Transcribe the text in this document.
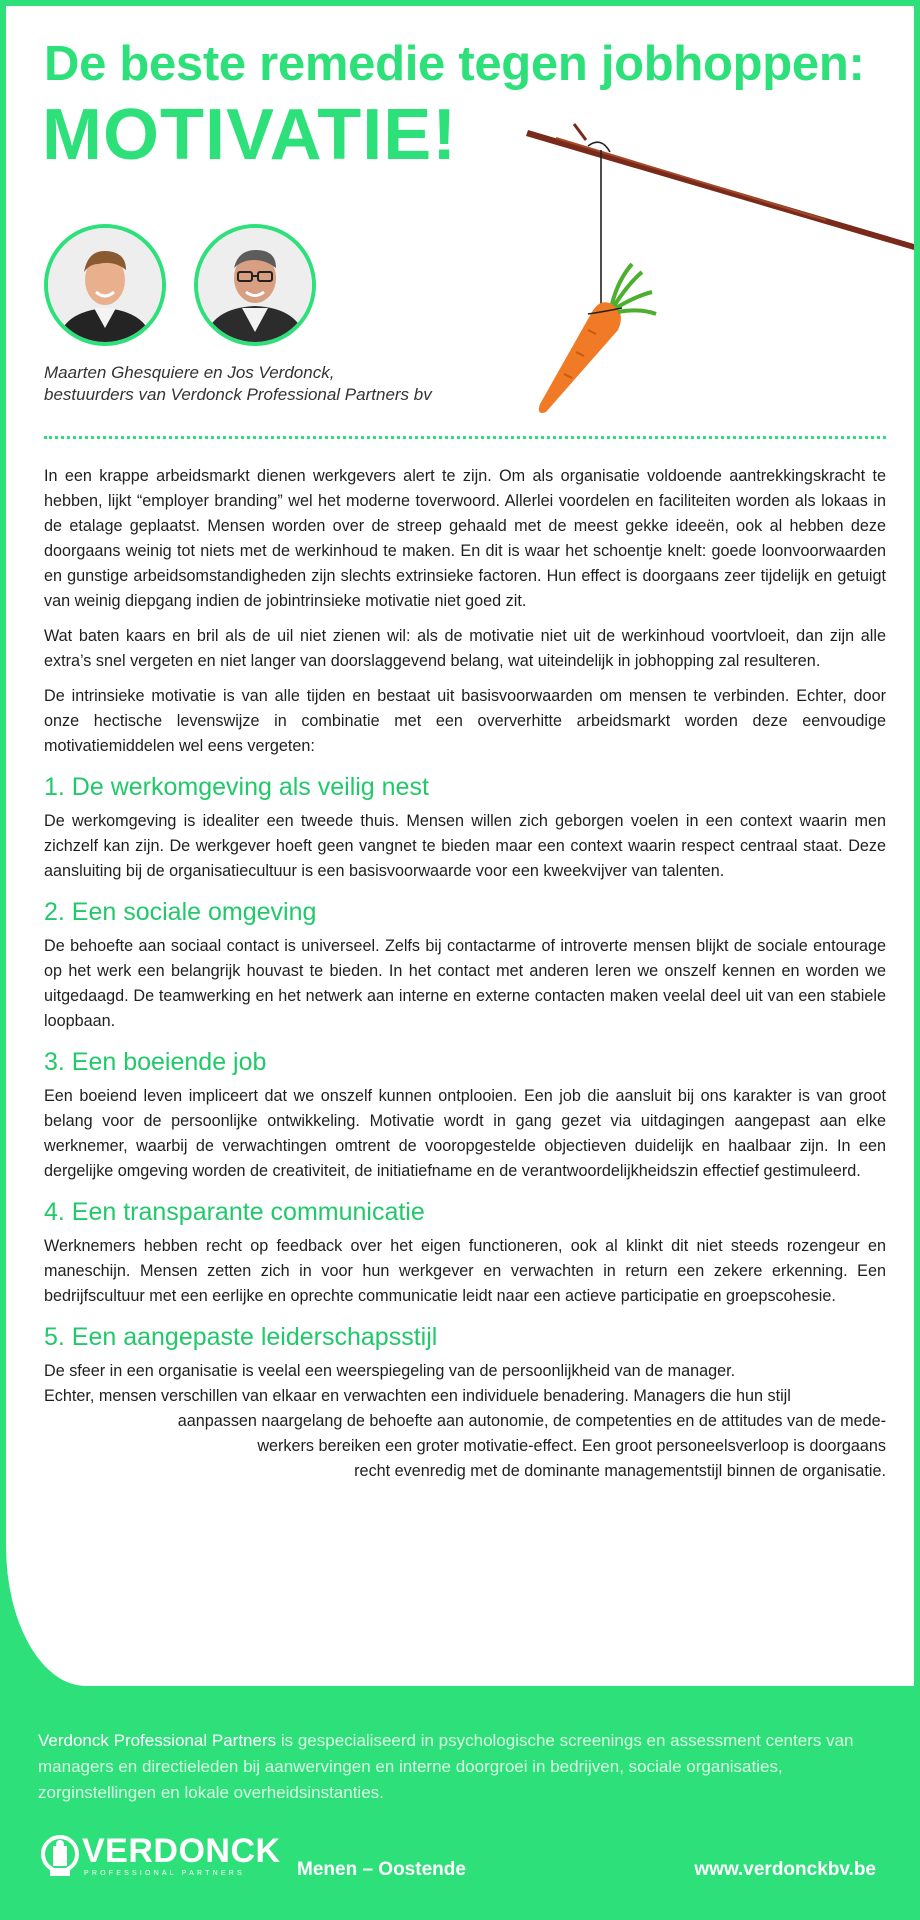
De beste remedie tegen jobhoppen:
MOTIVATIE!
Maarten Ghesquiere en Jos Verdonck,
bestuurders van Verdonck Professional Partners bv

In een krappe arbeidsmarkt dienen werkgevers alert te zijn. Om als organisatie voldoende aantrekkingskracht te hebben, lijkt “employer branding” wel het moderne toverwoord. Allerlei voordelen en faciliteiten worden als lokaas in de etalage geplaatst. Mensen worden over de streep gehaald met de meest gekke ideeën, ook al hebben deze doorgaans weinig tot niets met de werkinhoud te maken. En dit is waar het schoentje knelt: goede loonvoorwaarden en gunstige arbeidsomstandigheden zijn slechts extrinsieke factoren. Hun effect is doorgaans zeer tijdelijk en getuigt van weinig diepgang indien de jobintrinsieke motivatie niet goed zit.

Wat baten kaars en bril als de uil niet zienen wil: als de motivatie niet uit de werkinhoud voortvloeit, dan zijn alle extra’s snel vergeten en niet langer van doorslaggevend belang, wat uiteindelijk in jobhopping zal resulteren.

De intrinsieke motivatie is van alle tijden en bestaat uit basisvoorwaarden om mensen te verbinden. Echter, door onze hectische levenswijze in combinatie met een oververhitte arbeidsmarkt worden deze eenvoudige motivatiemiddelen wel eens vergeten:

1. De werkomgeving als veilig nest

De werkomgeving is idealiter een tweede thuis. Mensen willen zich geborgen voelen in een context waarin men zichzelf kan zijn. De werkgever hoeft geen vangnet te bieden maar een context waarin respect centraal staat. Deze aansluiting bij de organisatiecultuur is een basisvoorwaarde voor een kweekvijver van talenten.

2. Een sociale omgeving

De behoefte aan sociaal contact is universeel. Zelfs bij contactarme of introverte mensen blijkt de sociale entourage op het werk een belangrijk houvast te bieden. In het contact met anderen leren we onszelf kennen en worden we uitgedaagd. De teamwerking en het netwerk aan interne en externe contacten maken veelal deel uit van een stabiele loopbaan.

3. Een boeiende job

Een boeiend leven impliceert dat we onszelf kunnen ontplooien. Een job die aansluit bij ons karakter is van groot belang voor de persoonlijke ontwikkeling. Motivatie wordt in gang gezet via uitdagingen aangepast aan elke werknemer, waarbij de verwachtingen omtrent de vooropgestelde objectieven duidelijk en haalbaar zijn. In een dergelijke omgeving worden de creativiteit, de initiatiefname en de verantwoordelijkheidszin effectief gestimuleerd.

4. Een transparante communicatie

Werknemers hebben recht op feedback over het eigen functioneren, ook al klinkt dit niet steeds rozengeur en maneschijn. Mensen zetten zich in voor hun werkgever en verwachten in return een zekere erkenning. Een bedrijfscultuur met een eerlijke en oprechte communicatie leidt naar een actieve participatie en groepscohesie.

5. Een aangepaste leiderschapsstijl
De sfeer in een organisatie is veelal een weerspiegeling van de persoonlijkheid van de manager.
Echter, mensen verschillen van elkaar en verwachten een individuele benadering. Managers die hun stijl
aanpassen naargelang de behoefte aan autonomie, de competenties en de attitudes van de mede-
werkers bereiken een groter motivatie-effect. Een groot personeelsverloop is doorgaans
recht evenredig met de dominante managementstijl binnen de organisatie.
Verdonck Professional Partners is gespecialiseerd in psychologische screenings en assessment centers van managers en directieleden bij aanwervingen en interne doorgroei in bedrijven, sociale organisaties, zorginstellingen en lokale overheidsinstanties.
VERDONCK
PROFESSIONAL PARTNERS	Menen – Oostende	www.verdonckbv.be
